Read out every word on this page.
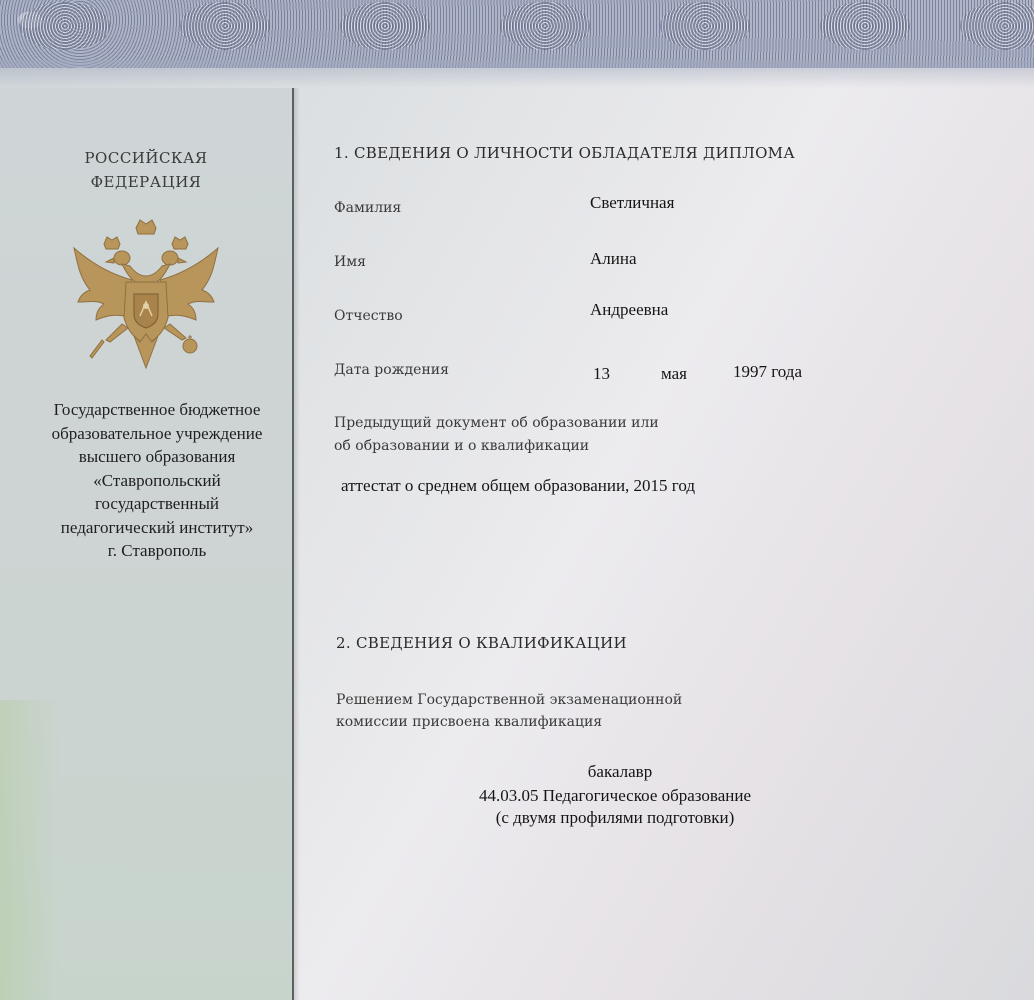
РОССИЙСКАЯ
ФЕДЕРАЦИЯ
Государственное бюджетное
образовательное учреждение
высшего образования
«Ставропольский
государственный
педагогический институт»
г. Ставрополь
1. СВЕДЕНИЯ О ЛИЧНОСТИ ОБЛАДАТЕЛЯ ДИПЛОМА
Фамилия	Светличная
Имя	Алина
Отчество	Андреевна
Дата рождения	13	мая	1997 года
Предыдущий документ об образовании или
об образовании и о квалификации
аттестат о среднем общем образовании, 2015 год
2. СВЕДЕНИЯ О КВАЛИФИКАЦИИ
Решением Государственной экзаменационной
комиссии присвоена квалификация
бакалавр
44.03.05 Педагогическое образование
(с двумя профилями подготовки)
